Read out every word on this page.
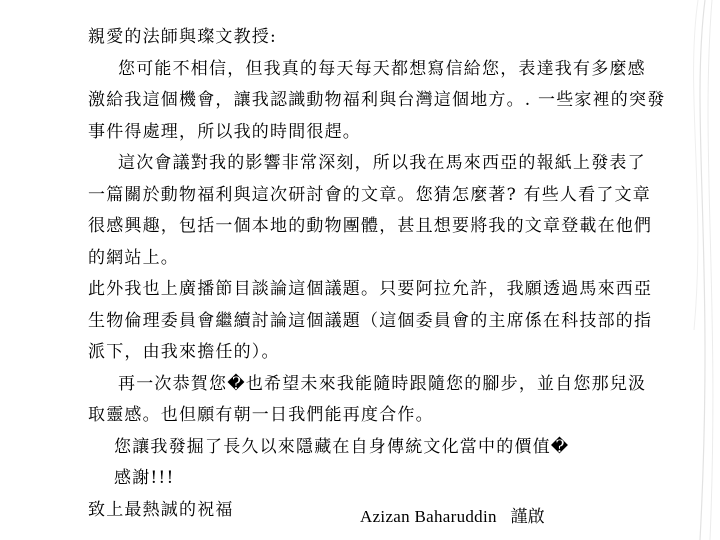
親愛的法師與璨文教授:
您可能不相信，但我真的每天每天都想寫信給您，表達我有多麼感
激給我這個機會，讓我認識動物福利與台灣這個地方。. 一些家裡的突發
事件得處理，所以我的時間很趕。
這次會議對我的影響非常深刻，所以我在馬來西亞的報紙上發表了
一篇關於動物福利與這次研討會的文章。您猜怎麼著? 有些人看了文章
很感興趣，包括一個本地的動物團體，甚且想要將我的文章登載在他們
的網站上。
此外我也上廣播節目談論這個議題。只要阿拉允許，我願透過馬來西亞
生物倫理委員會繼續討論這個議題（這個委員會的主席係在科技部的指
派下，由我來擔任的）。
再一次恭賀您�也希望未來我能隨時跟隨您的腳步，並自您那兒汲
取靈感。也但願有朝一日我們能再度合作。
您讓我發掘了長久以來隱藏在自身傳統文化當中的價值�
感謝!!!
致上最熱誠的祝福	Azizan Baharuddin 謹啟
